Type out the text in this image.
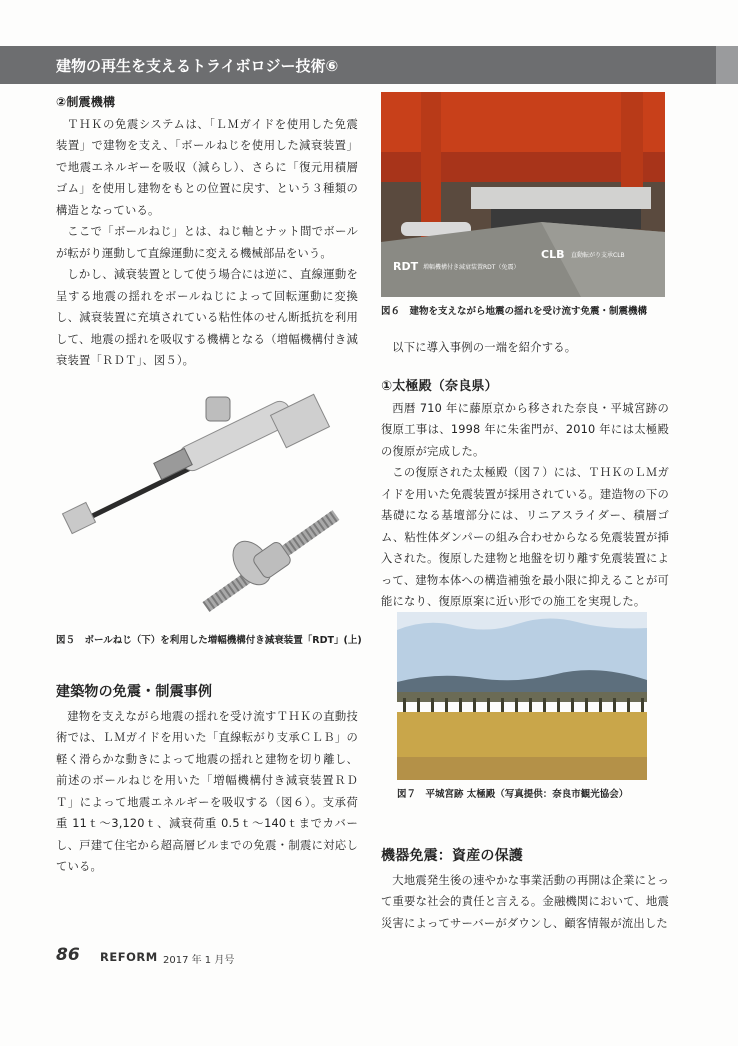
建物の再生を支えるトライボロジー技術⑥
②制震機構

ＴＨＫの免震システムは、「ＬＭガイドを使用した免震装置」で建物を支え、「ボールねじを使用した減衰装置」で地震エネルギーを吸収（減らし）、さらに「復元用積層ゴム」を使用し建物をもとの位置に戻す、という３種類の構造となっている。

ここで「ボールねじ」とは、ねじ軸とナット間でボールが転がり運動して直線運動に変える機械部品をいう。

しかし、減衰装置として使う場合には逆に、直線運動を呈する地震の揺れをボールねじによって回転運動に変換し、減衰装置に充填されている粘性体のせん断抵抗を利用して、地震の揺れを吸収する機構となる（増幅機構付き減衰装置「ＲＤＴ」、図５）。

図５　ボールねじ（下）を利用した増幅機構付き減衰装置「RDT」(上)
建築物の免震・制震事例

建物を支えながら地震の揺れを受け流すＴＨＫの直動技術では、ＬＭガイドを用いた「直線転がり支承ＣＬＢ」の軽く滑らかな動きによって地震の揺れと建物を切り離し、前述のボールねじを用いた「増幅機構付き減衰装置ＲＤＴ」によって地震エネルギーを吸収する（図６）。支承荷重 11ｔ～3,120ｔ、減衰荷重 0.5ｔ～140ｔまでカバーし、戸建て住宅から超高層ビルまでの免震・制震に対応している。

RDT 増幅機構付き減衰装置RDT（免震）
CLB 直動転がり支承CLB
図６　建物を支えながら地震の揺れを受け流す免震・制震機構

以下に導入事例の一端を紹介する。

①太極殿（奈良県）

西暦 710 年に藤原京から移された奈良・平城宮跡の復原工事は、1998 年に朱雀門が、2010 年には太極殿の復原が完成した。

この復原された太極殿（図７）には、ＴＨＫのＬＭガイドを用いた免震装置が採用されている。建造物の下の基礎になる基壇部分には、リニアスライダー、積層ゴム、粘性体ダンパーの組み合わせからなる免震装置が挿入された。復原した建物と地盤を切り離す免震装置によって、建物本体への構造補強を最小限に抑えることが可能になり、復原原案に近い形での施工を実現した。

図７　平城宮跡 太極殿（写真提供：奈良市観光協会）
機器免震：資産の保護

大地震発生後の速やかな事業活動の再開は企業にとって重要な社会的責任と言える。金融機関において、地震災害によってサーバーがダウンし、顧客情報が流出した

86 REFORM 2017 年 1 月号
